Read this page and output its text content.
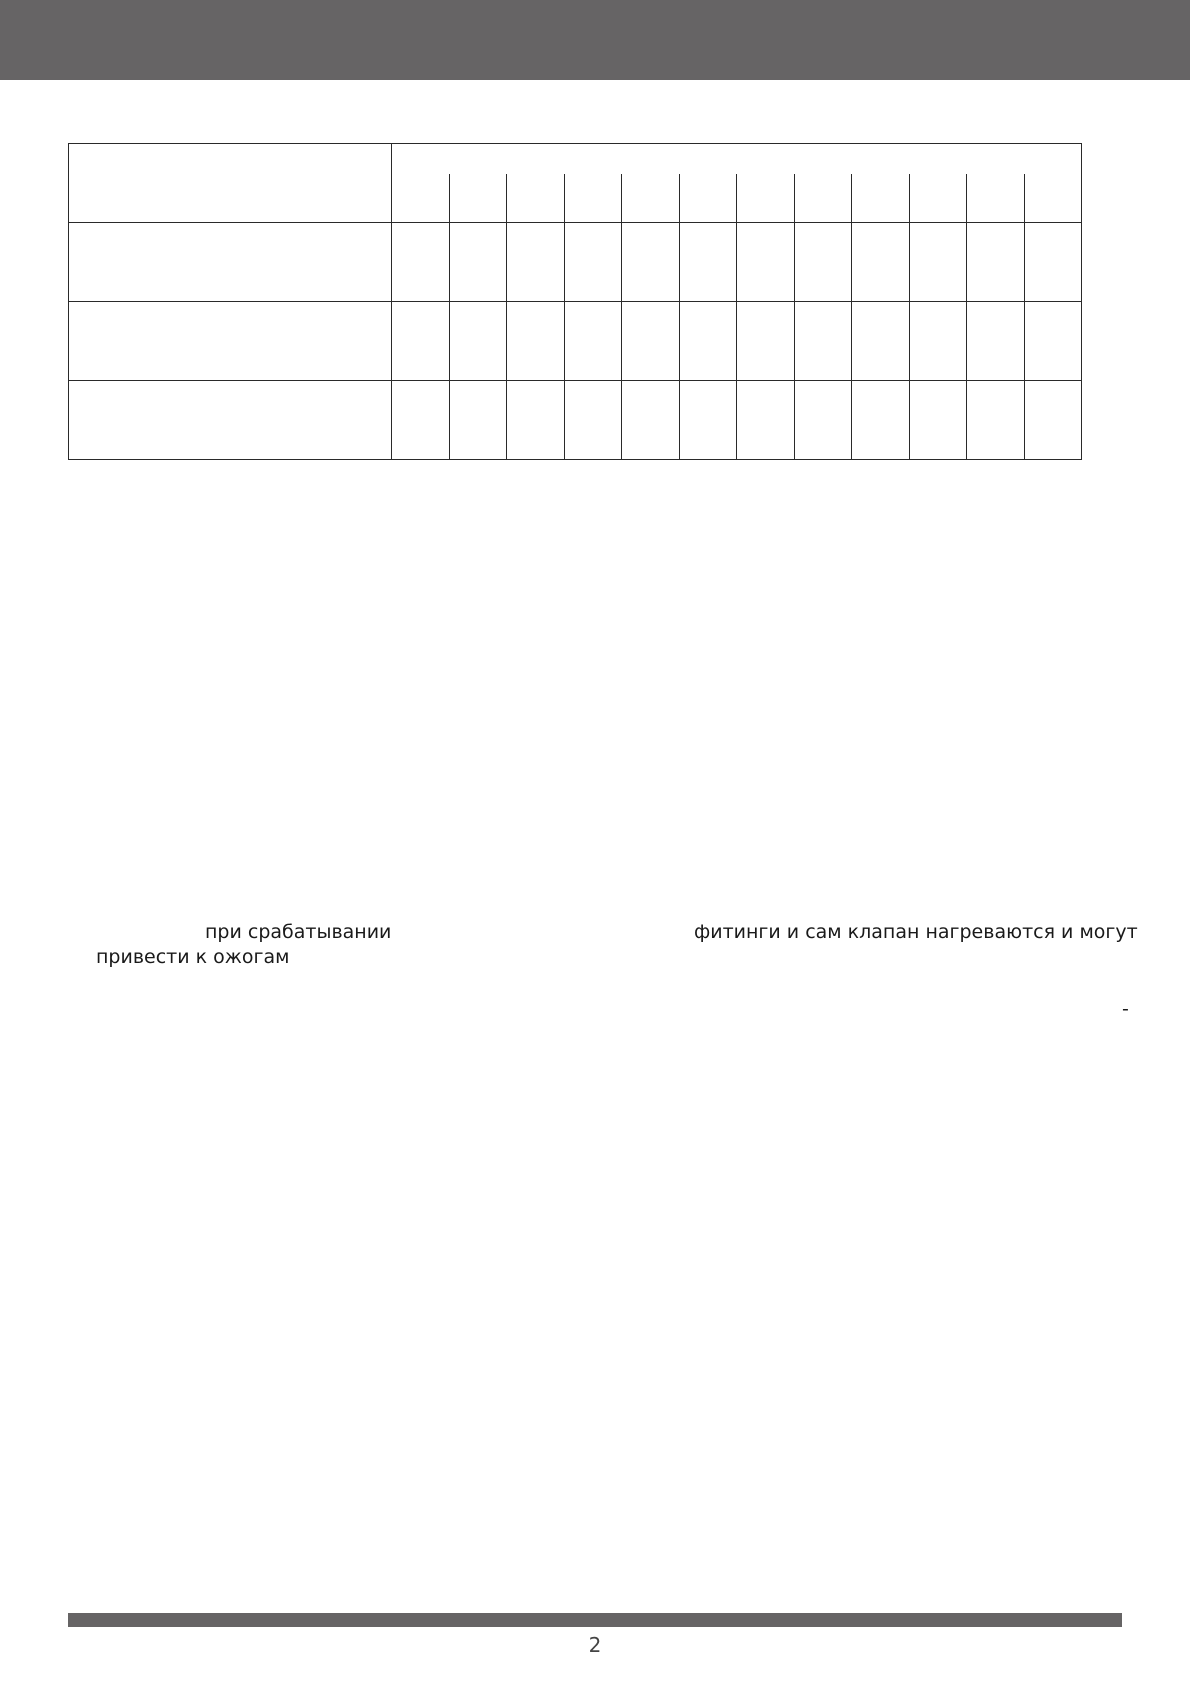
при срабатывании	фитинги и сам клапан нагреваются и могут
привести к ожогам
-
2
